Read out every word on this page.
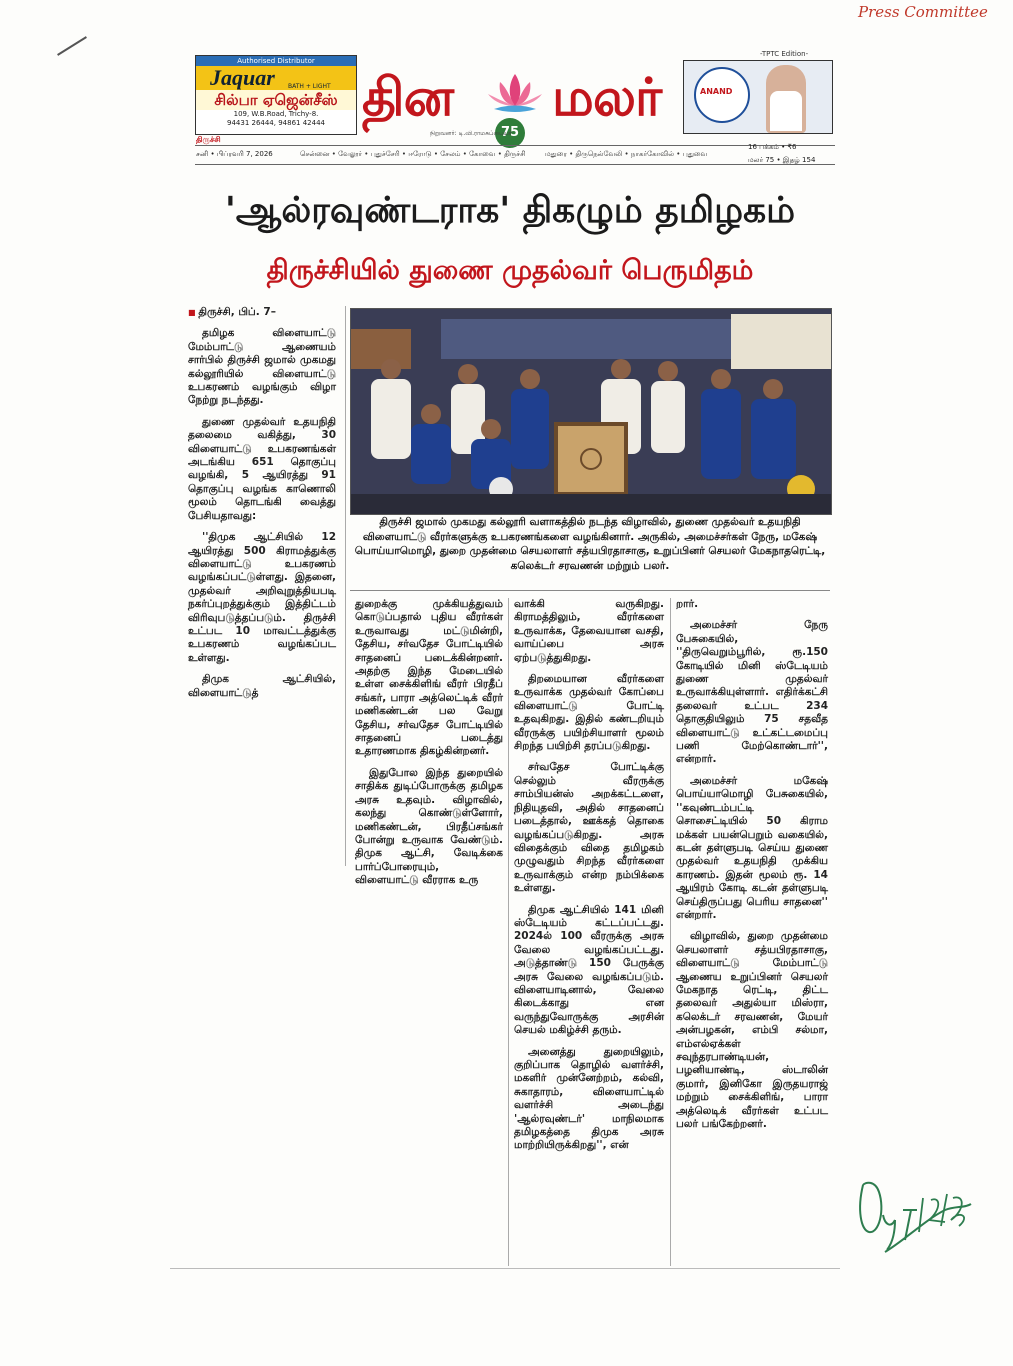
Press Committee
Authorised Distributor
Jaquar	BATH + LIGHT
சில்பா ஏஜென்சீஸ்
109, W.B.Road, Trichy-8.
94431 26444, 94861 42444 தின மலர்
75
நிறுவனர்: டி.வி.ராமசுப்பையர்
-TPTC Edition-
ANAND
திருச்சி
சனி • பிப்ரவரி 7, 2026	சென்னை • வேலூர் • புதுச்சேரி • ஈரோடு • சேலம் • கோவை • திருச்சி	மதுரை • திருநெல்வேலி • நாகர்கோவில் • புதுவை
16 பக்கம் • ₹6
மலர் 75 • இதழ் 154
'ஆல்ரவுண்டராக' திகழும் தமிழகம்
திருச்சியில் துணை முதல்வர் பெருமிதம்

■ திருச்சி, பிப். 7–

தமிழக விளையாட்டு மேம்பாட்டு ஆணையம் சார்பில் திருச்சி ஜமால் முகமது கல்லூரியில் விளையாட்டு உபகரணம் வழங்கும் விழா நேற்று நடந்தது.

துணை முதல்வர் உதயநிதி தலைமை வகித்து, 30 விளையாட்டு உபகரணங்கள் அடங்கிய 651 தொகுப்பு வழங்கி, 5 ஆயிரத்து 91 தொகுப்பு வழங்க காணொலி மூலம் தொடங்கி வைத்து பேசியதாவது:

''திமுக ஆட்சியில் 12 ஆயிரத்து 500 கிராமத்துக்கு விளையாட்டு உபகரணம் வழங்கப்பட்டுள்ளது. இதனை, முதல்வர் அறிவுறுத்தியபடி நகர்ப்புறத்துக்கும் இத்திட்டம் விரிவுபடுத்தப்படும். திருச்சி உட்பட 10 மாவட்டத்துக்கு உபகரணம் வழங்கப்பட உள்ளது.

திமுக ஆட்சியில், விளையாட்டுத்

திருச்சி ஜமால் முகமது கல்லூரி வளாகத்தில் நடந்த விழாவில், துணை முதல்வர் உதயநிதி விளையாட்டு வீரர்களுக்கு உபகரணங்களை வழங்கினார். அருகில், அமைச்சர்கள் நேரு, மகேஷ் பொய்யாமொழி, துறை முதன்மை செயலாளர் சத்யபிரதாசாகு, உறுப்பினர் செயலர் மேகநாதரெட்டி, கலெக்டர் சரவணன் மற்றும் பலர்.

துறைக்கு முக்கியத்துவம் கொடுப்பதால் புதிய வீரர்கள் உருவாவது மட்டுமின்றி, தேசிய, சர்வதேச போட்டியில் சாதனைப் படைக்கின்றனர். அதற்கு இந்த மேடையில் உள்ள சைக்கிளிங் வீரர் பிரதீப் சங்கர், பாரா அத்லெட்டிக் வீரர் மணிகண்டன் பல வேறு தேசிய, சர்வதேச போட்டியில் சாதனைப் படைத்து உதாரணமாக திகழ்கின்றனர்.

இதுபோல இந்த துறையில் சாதிக்க துடிப்போருக்கு தமிழக அரசு உதவும். விழாவில், கலந்து கொண்டுள்ளோர், மணிகண்டன், பிரதீப்சங்கர் போன்று உருவாக வேண்டும். திமுக ஆட்சி, வேடிக்கை பார்ப்போரையும், விளையாட்டு வீரராக உரு

வாக்கி வருகிறது. கிராமத்திலும், வீரர்களை உருவாக்க, தேவையான வசதி, வாய்ப்பை அரசு ஏற்படுத்துகிறது.

திறமையான வீரர்களை உருவாக்க முதல்வர் கோப்பை விளையாட்டு போட்டி உதவுகிறது. இதில் கண்டறியும் வீரருக்கு பயிற்சியாளர் மூலம் சிறந்த பயிற்சி தரப்படுகிறது.

சர்வதேச போட்டிக்கு செல்லும் வீரருக்கு சாம்பியன்ஸ் அறக்கட்டளை, நிதியுதவி, அதில் சாதனைப் படைத்தால், ஊக்கத் தொகை வழங்கப்படுகிறது. அரசு விதைக்கும் விதை தமிழகம் முழுவதும் சிறந்த வீரர்களை உருவாக்கும் என்ற நம்பிக்கை உள்ளது.

திமுக ஆட்சியில் 141 மினி ஸ்டேடியம் கட்டப்பட்டது. 2024ல் 100 வீரருக்கு அரசு வேலை வழங்கப்பட்டது. அடுத்தாண்டு 150 பேருக்கு அரசு வேலை வழங்கப்படும். விளையாடினால், வேலை கிடைக்காது என வருந்துவோருக்கு அரசின் செயல் மகிழ்ச்சி தரும்.

அனைத்து துறையிலும், குறிப்பாக தொழில் வளர்ச்சி, மகளிர் முன்னேற்றம், கல்வி, சுகாதாரம், விளையாட்டில் வளர்ச்சி அடைந்து 'ஆல்ரவுண்டர்' மாநிலமாக தமிழகத்தை திமுக அரசு மாற்றியிருக்கிறது'', என்

றார்.

அமைச்சர் நேரு பேசுகையில், ''திருவெறும்பூரில், ரூ.150 கோடியில் மினி ஸ்டேடியம் துணை முதல்வர் உருவாக்கியுள்ளார். எதிர்க்கட்சி தலைவர் உட்பட 234 தொகுதியிலும் 75 சதவீத விளையாட்டு உட்கட்டமைப்பு பணி மேற்கொண்டார்'', என்றார்.

அமைச்சர் மகேஷ் பொய்யாமொழி பேசுகையில், ''கவுண்டம்பட்டி சொசைட்டியில் 50 கிராம மக்கள் பயன்பெறும் வகையில், கடன் தள்ளுபடி செய்ய துணை முதல்வர் உதயநிதி முக்கிய காரணம். இதன் மூலம் ரூ. 14 ஆயிரம் கோடி கடன் தள்ளுபடி செய்திருப்பது பெரிய சாதனை'' என்றார்.

விழாவில், துறை முதன்மை செயலாளர் சத்யபிரதாசாகு, விளையாட்டு மேம்பாட்டு ஆணைய உறுப்பினர் செயலர் மேகநாத ரெட்டி, திட்ட தலைவர் அதுல்யா மிஸ்ரா, கலெக்டர் சரவணன், மேயர் அன்பழகன், எம்பி சல்மா, எம்எல்ஏக்கள் சவுந்தரபாண்டியன், பழனியாண்டி, ஸ்டாலின் குமார், இனிகோ இருதயராஜ் மற்றும் சைக்கிளிங், பாரா அத்லெடிக் வீரர்கள் உட்பட பலர் பங்கேற்றனர்.
